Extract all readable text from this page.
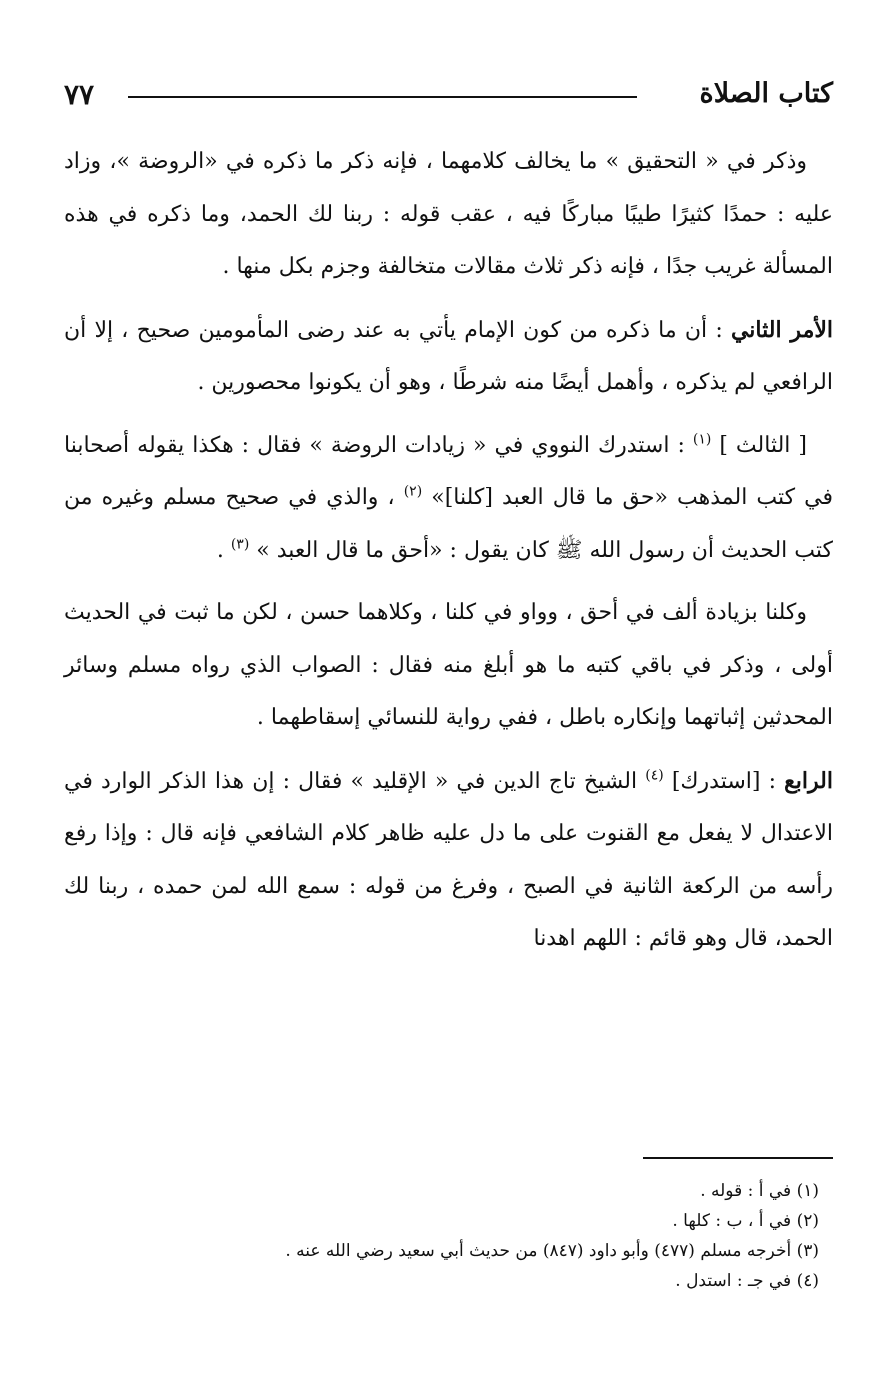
كتاب الصلاة
٧٧

وذكر في « التحقيق » ما يخالف كلامهما ، فإنه ذكر ما ذكره في «الروضة »، وزاد عليه : حمدًا كثيرًا طيبًا مباركًا فيه ، عقب قوله : ربنا لك الحمد، وما ذكره في هذه المسألة غريب جدًا ، فإنه ذكر ثلاث مقالات متخالفة وجزم بكل منها .

الأمر الثاني : أن ما ذكره من كون الإمام يأتي به عند رضى المأمومين صحيح ، إلا أن الرافعي لم يذكره ، وأهمل أيضًا منه شرطًا ، وهو أن يكونوا محصورين .

[ الثالث ] $^{(١)}$ : استدرك النووي في « زيادات الروضة » فقال : هكذا يقوله أصحابنا في كتب المذهب «حق ما قال العبد [كلنا]» $^{(٢)}$ ، والذي في صحيح مسلم وغيره من كتب الحديث أن رسول الله ﷺ كان يقول : «أحق ما قال العبد » $^{(٣)}$ .

وكلنا بزيادة ألف في أحق ، وواو في كلنا ، وكلاهما حسن ، لكن ما ثبت في الحديث أولى ، وذكر في باقي كتبه ما هو أبلغ منه فقال : الصواب الذي رواه مسلم وسائر المحدثين إثباتهما وإنكاره باطل ، ففي رواية للنسائي إسقاطهما .

الرابع : [استدرك] $^{(٤)}$ الشيخ تاج الدين في « الإقليد » فقال : إن هذا الذكر الوارد في الاعتدال لا يفعل مع القنوت على ما دل عليه ظاهر كلام الشافعي فإنه قال : وإذا رفع رأسه من الركعة الثانية في الصبح ، وفرغ من قوله : سمع الله لمن حمده ، ربنا لك الحمد، قال وهو قائم : اللهم اهدنا

(١) في أ : قوله .

(٢) في أ ، ب : كلها .

(٣) أخرجه مسلم (٤٧٧) وأبو داود (٨٤٧) من حديث أبي سعيد رضي الله عنه .

(٤) في جـ : استدل .
